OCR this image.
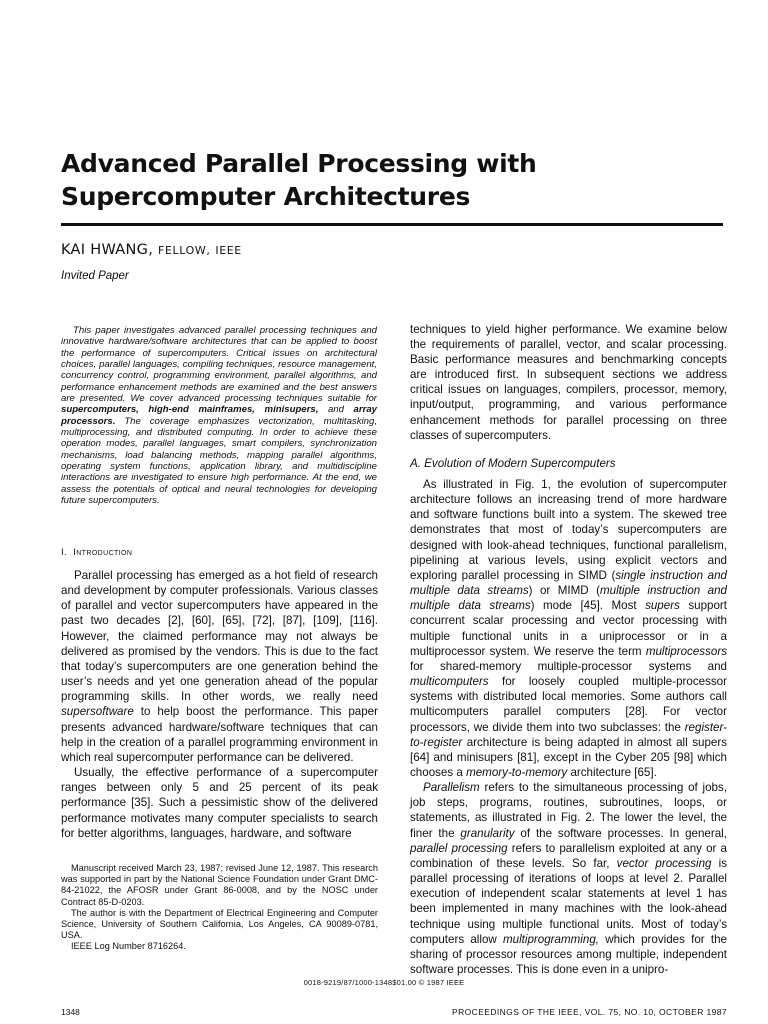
Advanced Parallel Processing with
Supercomputer Architectures
KAI HWANG, FELLOW, IEEE
Invited Paper
This paper investigates advanced parallel processing techniques and innovative hardware/software architectures that can be applied to boost the performance of supercomputers. Critical issues on architectural choices, parallel languages, compiling techniques, resource management, concurrency control, programming environment, parallel algorithms, and performance enhancement methods are examined and the best answers are presented. We cover advanced processing techniques suitable for supercomputers, high-end mainframes, minisupers, and array processors. The coverage emphasizes vectorization, multitasking, multiprocessing, and distributed computing. In order to achieve these operation modes, parallel languages, smart compilers, synchronization mechanisms, load balancing methods, mapping parallel algorithms, operating system functions, application library, and multidiscipline interactions are investigated to ensure high performance. At the end, we assess the potentials of optical and neural technologies for developing future supercomputers.
I. Introduction

Parallel processing has emerged as a hot field of research and development by computer professionals. Various classes of parallel and vector supercomputers have appeared in the past two decades [2], [60], [65], [72], [87], [109], [116]. However, the claimed performance may not always be delivered as promised by the vendors. This is due to the fact that today’s supercomputers are one generation behind the user’s needs and yet one generation ahead of the popular programming skills. In other words, we really need supersoftware to help boost the performance. This paper presents advanced hardware/software techniques that can help in the creation of a parallel programming environment in which real supercomputer performance can be delivered.

Usually, the effective performance of a supercomputer ranges between only 5 and 25 percent of its peak performance [35]. Such a pessimistic show of the delivered performance motivates many computer specialists to search for better algorithms, languages, hardware, and software

Manuscript received March 23, 1987; revised June 12, 1987. This research was supported in part by the National Science Foundation under Grant DMC-84-21022, the AFOSR under Grant 86-0008, and by the NOSC under Contract 85-D-0203.

The author is with the Department of Electrical Engineering and Computer Science, University of Southern California, Los Angeles, CA 90089-0781, USA.

IEEE Log Number 8716264.

techniques to yield higher performance. We examine below the requirements of parallel, vector, and scalar processing. Basic performance measures and benchmarking concepts are introduced first. In subsequent sections we address critical issues on languages, compilers, processor, memory, input/output, programming, and various performance enhancement methods for parallel processing on three classes of supercomputers.

A. Evolution of Modern Supercomputers

As illustrated in Fig. 1, the evolution of supercomputer architecture follows an increasing trend of more hardware and software functions built into a system. The skewed tree demonstrates that most of today’s supercomputers are designed with look-ahead techniques, functional parallelism, pipelining at various levels, using explicit vectors and exploring parallel processing in SIMD (single instruction and multiple data streams) or MIMD (multiple instruction and multiple data streams) mode [45]. Most supers support concurrent scalar processing and vector processing with multiple functional units in a uniprocessor or in a multiprocessor system. We reserve the term multiprocessors for shared-memory multiple-processor systems and multicomputers for loosely coupled multiple-processor systems with distributed local memories. Some authors call multicomputers parallel computers [28]. For vector processors, we divide them into two subclasses: the register-to-register architecture is being adapted in almost all supers [64] and minisupers [81], except in the Cyber 205 [98] which chooses a memory-to-memory architecture [65].

Parallelism refers to the simultaneous processing of jobs, job steps, programs, routines, subroutines, loops, or statements, as illustrated in Fig. 2. The lower the level, the finer the granularity of the software processes. In general, parallel processing refers to parallelism exploited at any or a combination of these levels. So far, vector processing is parallel processing of iterations of loops at level 2. Parallel execution of independent scalar statements at level 1 has been implemented in many machines with the look-ahead technique using multiple functional units. Most of today’s computers allow multiprogramming, which provides for the sharing of processor resources among multiple, independent software processes. This is done even in a unipro-

0018-9219/87/1000-1348$01.00 © 1987 IEEE
1348	PROCEEDINGS OF THE IEEE, VOL. 75, NO. 10, OCTOBER 1987
